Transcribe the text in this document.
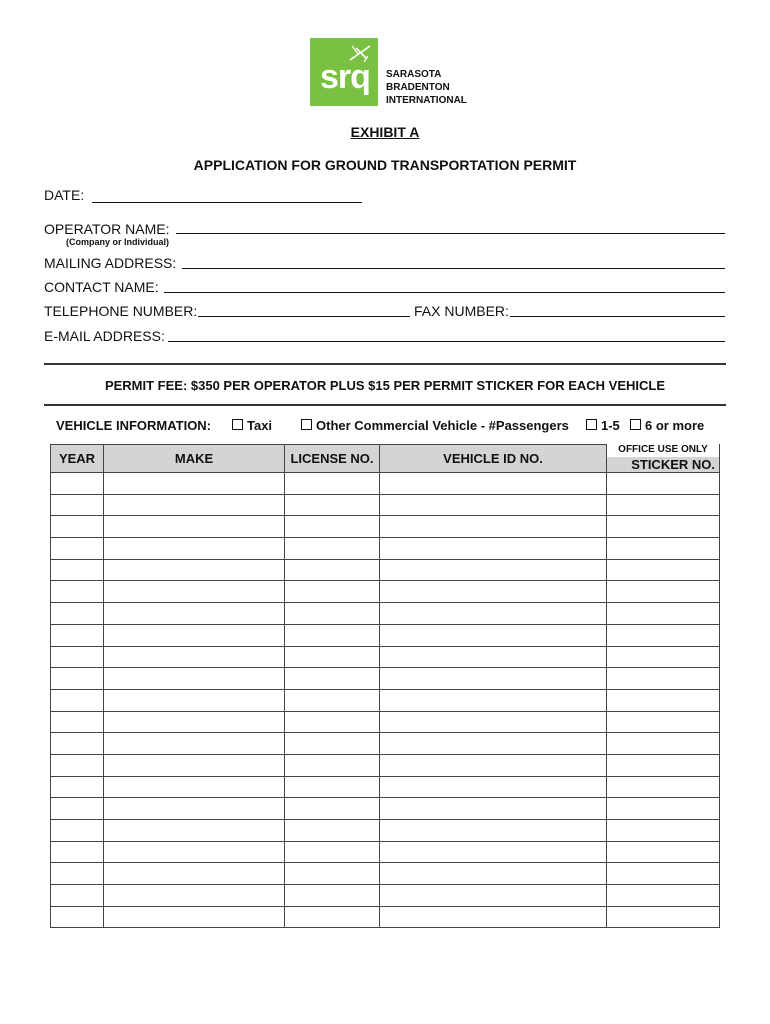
srq SARASOTA
BRADENTON
INTERNATIONAL
EXHIBIT A
APPLICATION FOR GROUND TRANSPORTATION PERMIT
DATE:
OPERATOR NAME:
(Company or Individual)
MAILING ADDRESS:
CONTACT NAME:
TELEPHONE NUMBER:	FAX NUMBER:
E-MAIL ADDRESS:
PERMIT FEE: $350 PER OPERATOR PLUS $15 PER PERMIT STICKER FOR EACH VEHICLE
VEHICLE INFORMATION:	Taxi	Other Commercial Vehicle - #Passengers	1-5	6 or more
YEAR	MAKE	LICENSE NO.	VEHICLE ID NO.	OFFICE USE ONLY
STICKER NO.
